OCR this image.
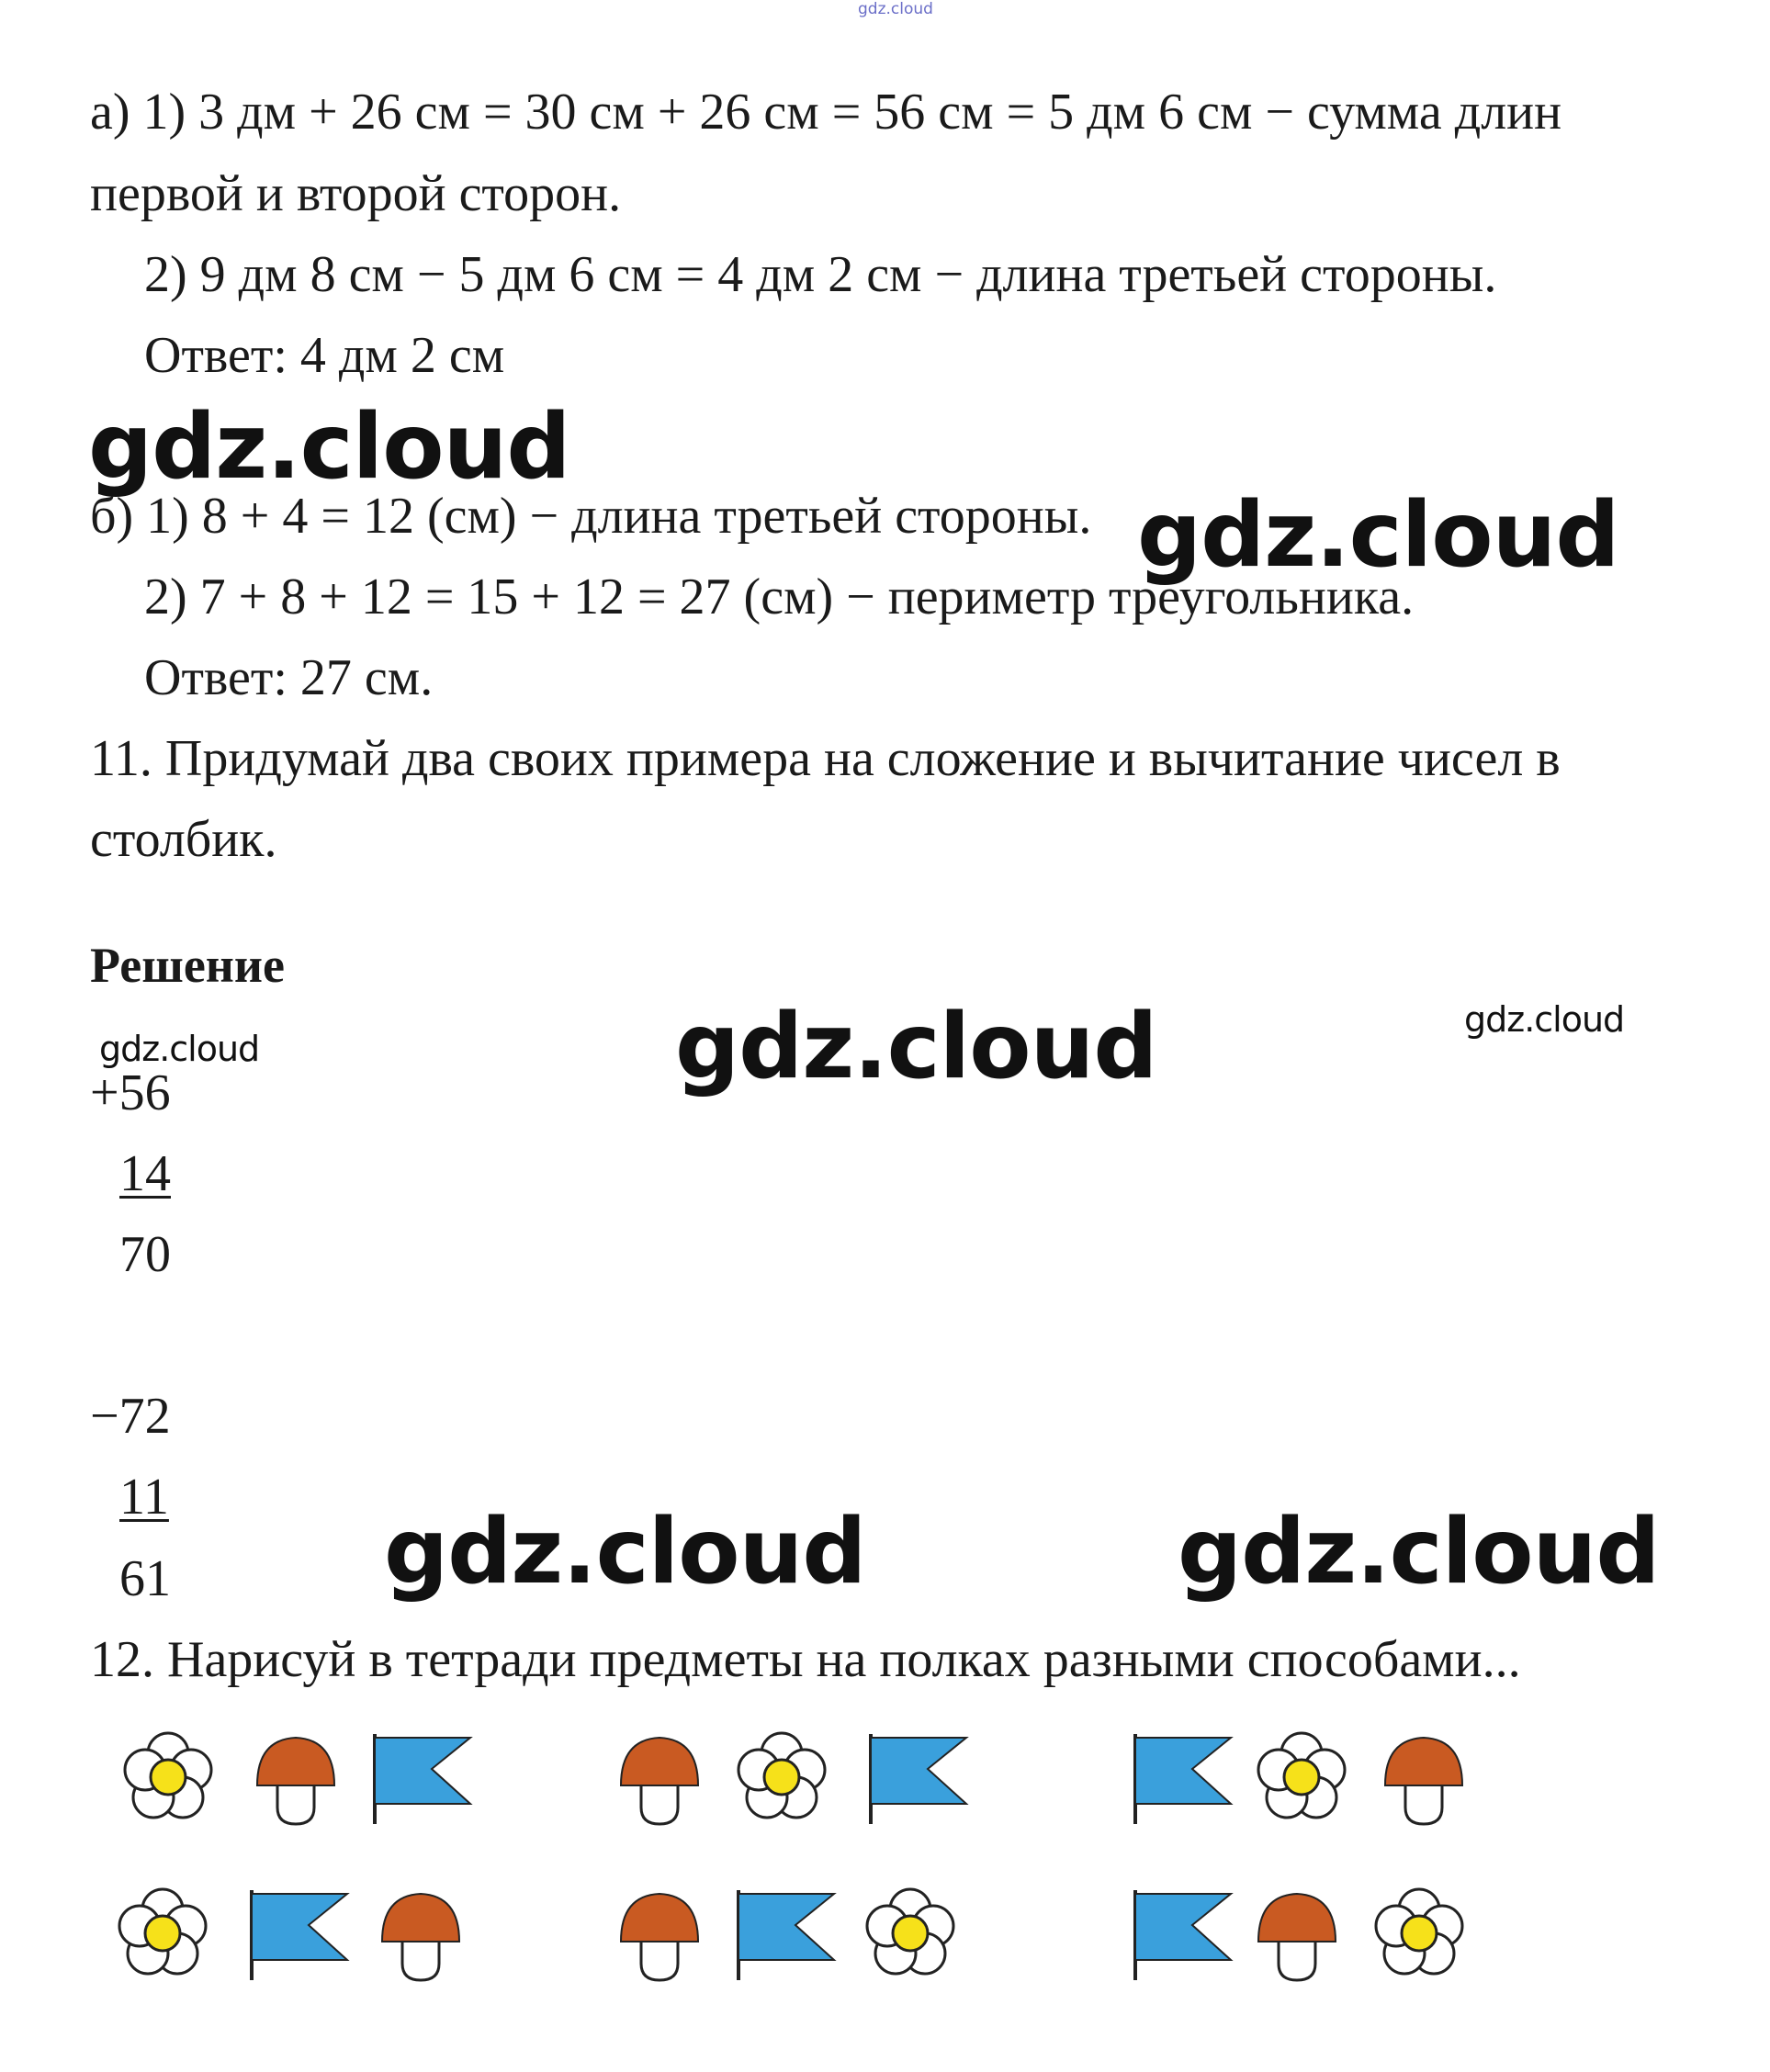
gdz.cloud
а) 1) 3 дм + 26 см = 30 см + 26 см = 56 см = 5 дм 6 см − сумма длин
первой и второй сторон.
2) 9 дм 8 см − 5 дм 6 см = 4 дм 2 см − длина третьей стороны.
Ответ: 4 дм 2 см
gdz.cloud
б) 1) 8 + 4 = 12 (см) − длина третьей стороны. gdz.cloud
2) 7 + 8 + 12 = 15 + 12 = 27 (см) − периметр треугольника.
Ответ: 27 см.
11. Придумай два своих примера на сложение и вычитание чисел в
столбик.
Решение
gdz.cloud	gdz.cloud	gdz.cloud
+56
14
70
−72
11
61 gdz.cloud	gdz.cloud
12. Нарисуй в тетради предметы на полках разными способами...
